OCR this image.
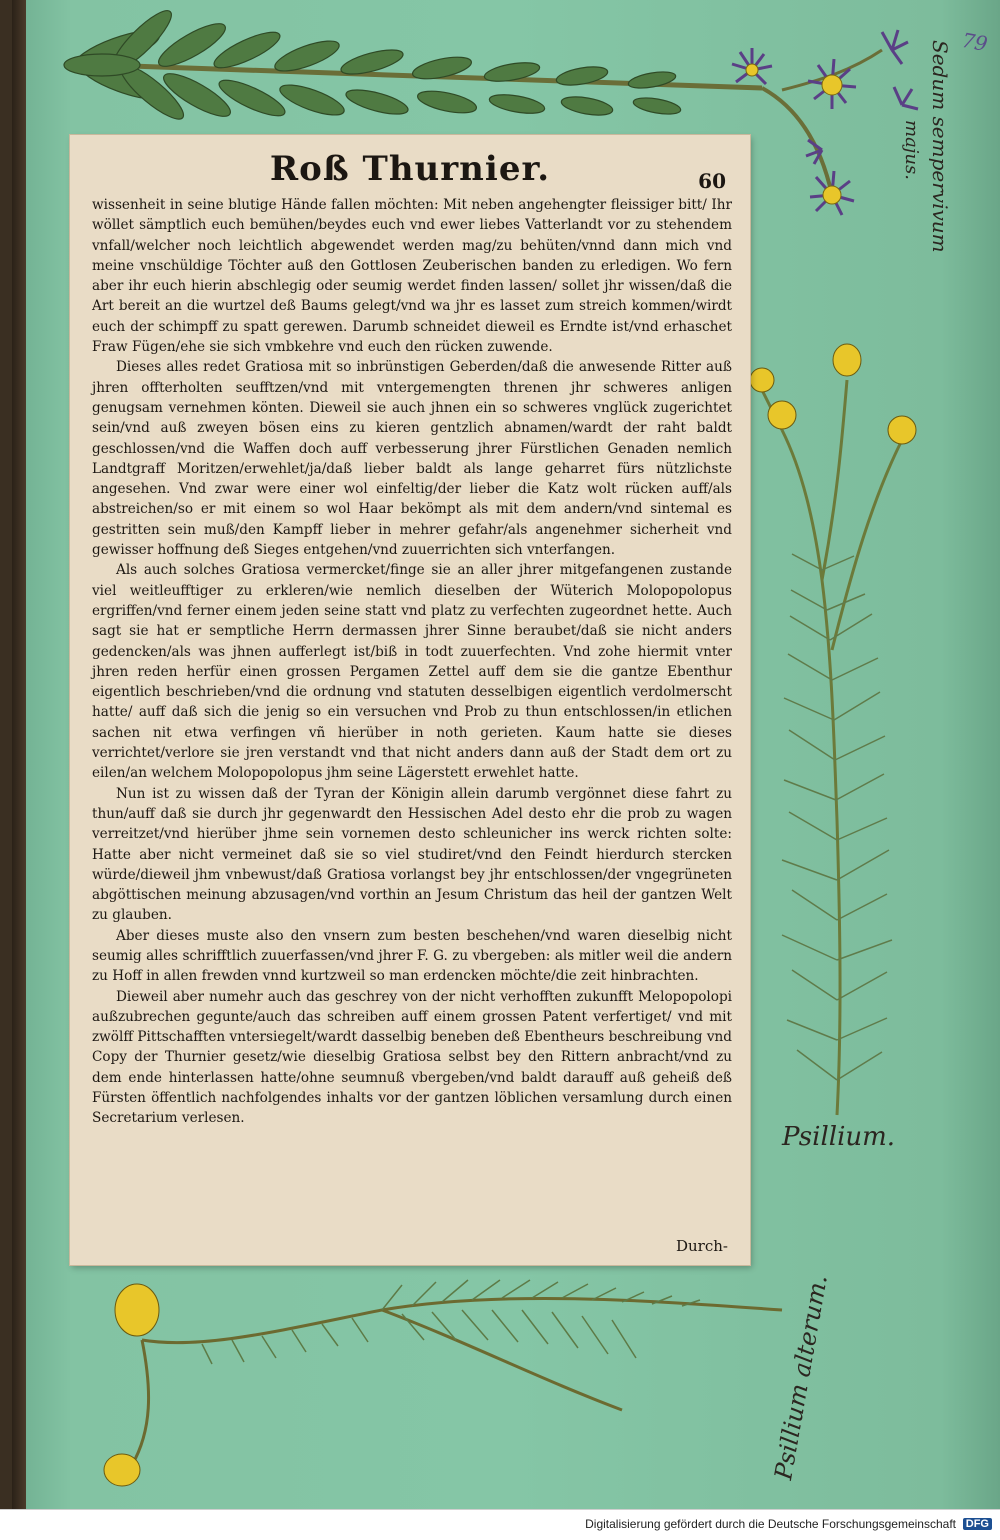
79
Sedum sempervivum
majus.
Psillium.
Psillium alterum.
Roß Thurnier.	60

wissenheit in seine blutige Hände fallen möchten: Mit neben angehengter fleissiger bitt/ Ihr wöllet sämptlich euch bemühen/beydes euch vnd ewer liebes Vatterlandt vor zu stehendem vnfall/welcher noch leichtlich abgewendet werden mag/zu behüten/vnnd dann mich vnd meine vnschüldige Töchter auß den Gottlosen Zeuberischen banden zu erledigen. Wo fern aber ihr euch hierin abschlegig oder seumig werdet finden lassen/ sollet jhr wissen/daß die Art bereit an die wurtzel deß Baums gelegt/vnd wa jhr es lasset zum streich kommen/wirdt euch der schimpff zu spatt gerewen. Darumb schneidet dieweil es Erndte ist/vnd erhaschet Fraw Fügen/ehe sie sich vmbkehre vnd euch den rücken zuwende.

Dieses alles redet Gratiosa mit so inbrünstigen Geberden/daß die anwesende Ritter auß jhren offterholten seufftzen/vnd mit vntergemengten threnen jhr schweres anligen genugsam vernehmen könten. Dieweil sie auch jhnen ein so schweres vnglück zugerichtet sein/vnd auß zweyen bösen eins zu kieren gentzlich abnamen/wardt der raht baldt geschlossen/vnd die Waffen doch auff verbesserung jhrer Fürstlichen Genaden nemlich Landtgraff Moritzen/erwehlet/ja/daß lieber baldt als lange geharret fürs nützlichste angesehen. Vnd zwar were einer wol einfeltig/der lieber die Katz wolt rücken auff/als abstreichen/so er mit einem so wol Haar bekömpt als mit dem andern/vnd sintemal es gestritten sein muß/den Kampff lieber in mehrer gefahr/als angenehmer sicherheit vnd gewisser hoffnung deß Sieges entgehen/vnd zuuerrichten sich vnterfangen.

Als auch solches Gratiosa vermercket/finge sie an aller jhrer mitgefangenen zustande viel weitleufftiger zu erkleren/wie nemlich dieselben der Wüterich Molopopolopus ergriffen/vnd ferner einem jeden seine statt vnd platz zu verfechten zugeordnet hette. Auch sagt sie hat er semptliche Herrn dermassen jhrer Sinne beraubet/daß sie nicht anders gedencken/als was jhnen aufferlegt ist/biß in todt zuuerfechten. Vnd zohe hiermit vnter jhren reden herfür einen grossen Pergamen Zettel auff dem sie die gantze Ebenthur eigentlich beschrieben/vnd die ordnung vnd statuten desselbigen eigentlich verdolmerscht hatte/ auff daß sich die jenig so ein versuchen vnd Prob zu thun entschlossen/in etlichen sachen nit etwa verfingen vñ hierüber in noth gerieten. Kaum hatte sie dieses verrichtet/verlore sie jren verstandt vnd that nicht anders dann auß der Stadt dem ort zu eilen/an welchem Molopopolopus jhm seine Lägerstett erwehlet hatte.

Nun ist zu wissen daß der Tyran der Königin allein darumb vergönnet diese fahrt zu thun/auff daß sie durch jhr gegenwardt den Hessischen Adel desto ehr die prob zu wagen verreitzet/vnd hierüber jhme sein vornemen desto schleunicher ins werck richten solte: Hatte aber nicht vermeinet daß sie so viel studiret/vnd den Feindt hierdurch stercken würde/dieweil jhm vnbewust/daß Gratiosa vorlangst bey jhr entschlossen/der vngegrüneten abgöttischen meinung abzusagen/vnd vorthin an Jesum Christum das heil der gantzen Welt zu glauben.

Aber dieses muste also den vnsern zum besten beschehen/vnd waren dieselbig nicht seumig alles schrifftlich zuuerfassen/vnd jhrer F. G. zu vbergeben: als mitler weil die andern zu Hoff in allen frewden vnnd kurtzweil so man erdencken möchte/die zeit hinbrachten.

Dieweil aber numehr auch das geschrey von der nicht verhofften zukunfft Melopopolopi außzubrechen gegunte/auch das schreiben auff einem grossen Patent verfertiget/ vnd mit zwölff Pittschafften vntersiegelt/wardt dasselbig beneben deß Ebentheurs beschreibung vnd Copy der Thurnier gesetz/wie dieselbig Gratiosa selbst bey den Rittern anbracht/vnd zu dem ende hinterlassen hatte/ohne seumnuß vbergeben/vnd baldt darauff auß geheiß deß Fürsten öffentlich nachfolgendes inhalts vor der gantzen löblichen versamlung durch einen Secretarium verlesen.

Durch-
Digitalisierung gefördert durch die Deutsche Forschungsgemeinschaft DFG
